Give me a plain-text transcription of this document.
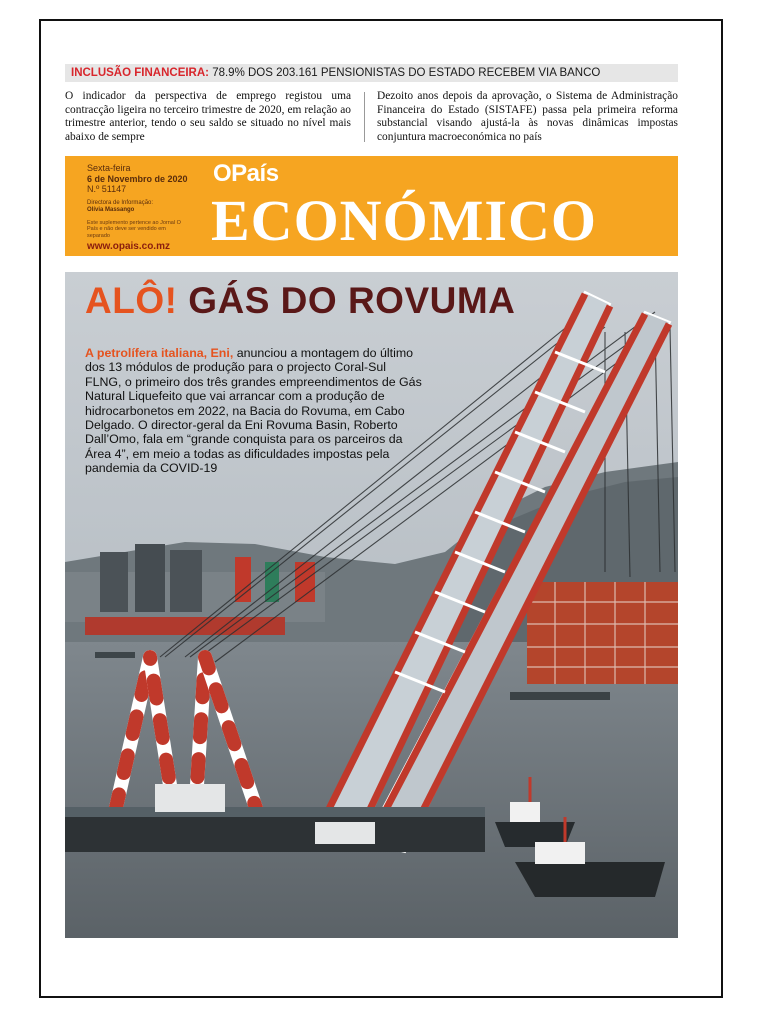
INCLUSÃO FINANCEIRA: 78.9% DOS 203.161 PENSIONISTAS DO ESTADO RECEBEM VIA BANCO
O indicador da perspectiva de emprego registou uma contracção ligeira no terceiro trimestre de 2020, em relação ao trimestre anterior, tendo o seu saldo se situado no nível mais abaixo de sempre
Dezoito anos depois da aprovação, o Sistema de Administração Financeira do Estado (SISTAFE) passa pela primeira reforma substancial visando ajustá-la às novas dinâmicas impostas conjuntura macroeconómica no país
Sexta-feira
6 de Novembro de 2020
N.º 51147
Directora de Informação:
Olívia Massango
Este suplemento pertence ao Jornal O País e não deve ser vendido em separado
www.opais.co.mz
OPaís
ECONÓMICO
ALÔ! GÁS DO ROVUMA
A petrolífera italiana, Eni, anunciou a montagem do último dos 13 módulos de produção para o projecto Coral-Sul FLNG, o primeiro dos três grandes empreendimentos de Gás Natural Liquefeito que vai arrancar com a produção de hidrocarbonetos em 2022, na Bacia do Rovuma, em Cabo Delgado. O director-geral da Eni Rovuma Basin, Roberto Dall’Omo, fala em “grande conquista para os parceiros da Área 4”, em meio a todas as dificuldades impostas pela pandemia da COVID-19
